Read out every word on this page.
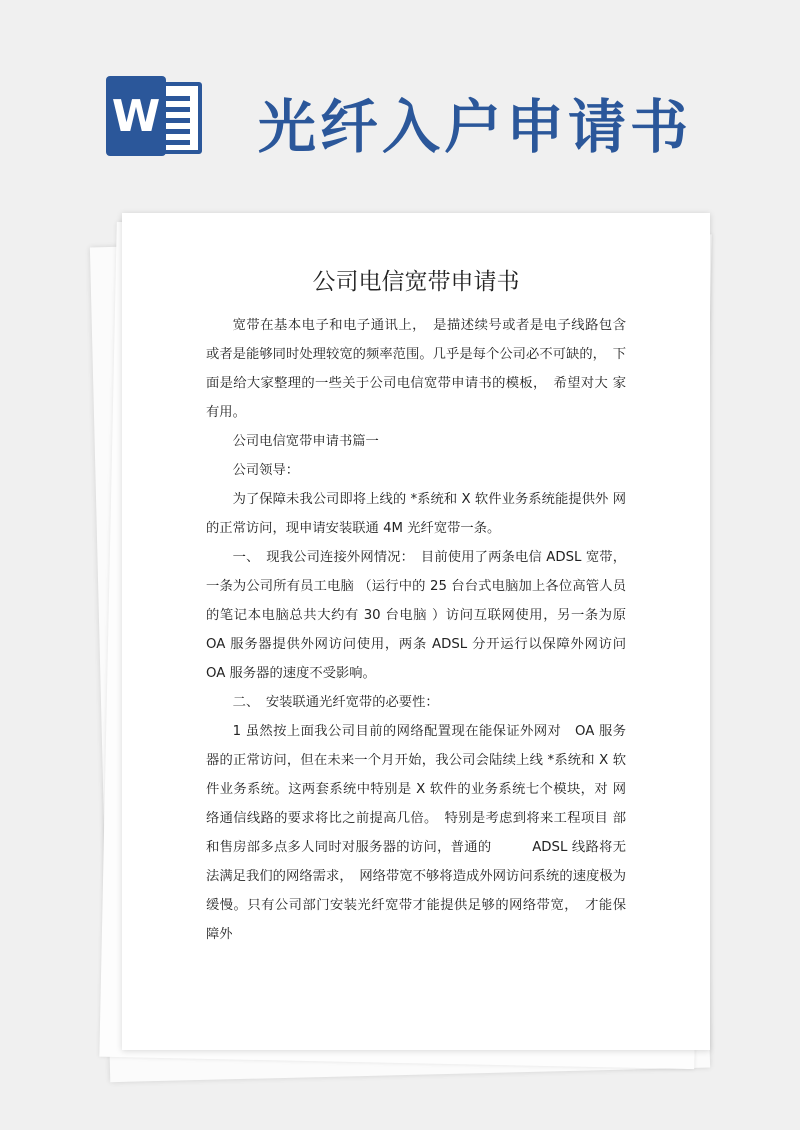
W 光纤入户申请书
公司电信宽带申请书

宽带在基本电子和电子通讯上，　是描述续号或者是电子线路包含 或者是能够同时处理较宽的频率范围。几乎是每个公司必不可缺的，　下面是给大家整理的一些关于公司电信宽带申请书的模板，　希望对大 家有用。

公司电信宽带申请书篇一

公司领导：

为了保障未我公司即将上线的 *系统和 X 软件业务系统能提供外 网的正常访问，现申请安装联通 4M 光纤宽带一条。

一、　现我公司连接外网情况：　目前使用了两条电信 ADSL 宽带，一条为公司所有员工电脑 （运行中的 25 台台式电脑加上各位高管人员的笔记本电脑总共大约有 30 台电脑 ）访问互联网使用，另一条为原 OA 服务器提供外网访问使用，两条 ADSL 分开运行以保障外网访问 OA 服务器的速度不受影响。

二、　安装联通光纤宽带的必要性：

1 虽然按上面我公司目前的网络配置现在能保证外网对　OA 服务器的正常访问，但在未来一个月开始，我公司会陆续上线 *系统和 X 软件业务系统。这两套系统中特别是 X 软件的业务系统七个模块，对 网络通信线路的要求将比之前提高几倍。　特别是考虑到将来工程项目 部和售房部多点多人同时对服务器的访问，普通的　　　ADSL 线路将无法满足我们的网络需求，　网络带宽不够将造成外网访问系统的速度极为 缓慢。只有公司部门安装光纤宽带才能提供足够的网络带宽，　才能保 障外
